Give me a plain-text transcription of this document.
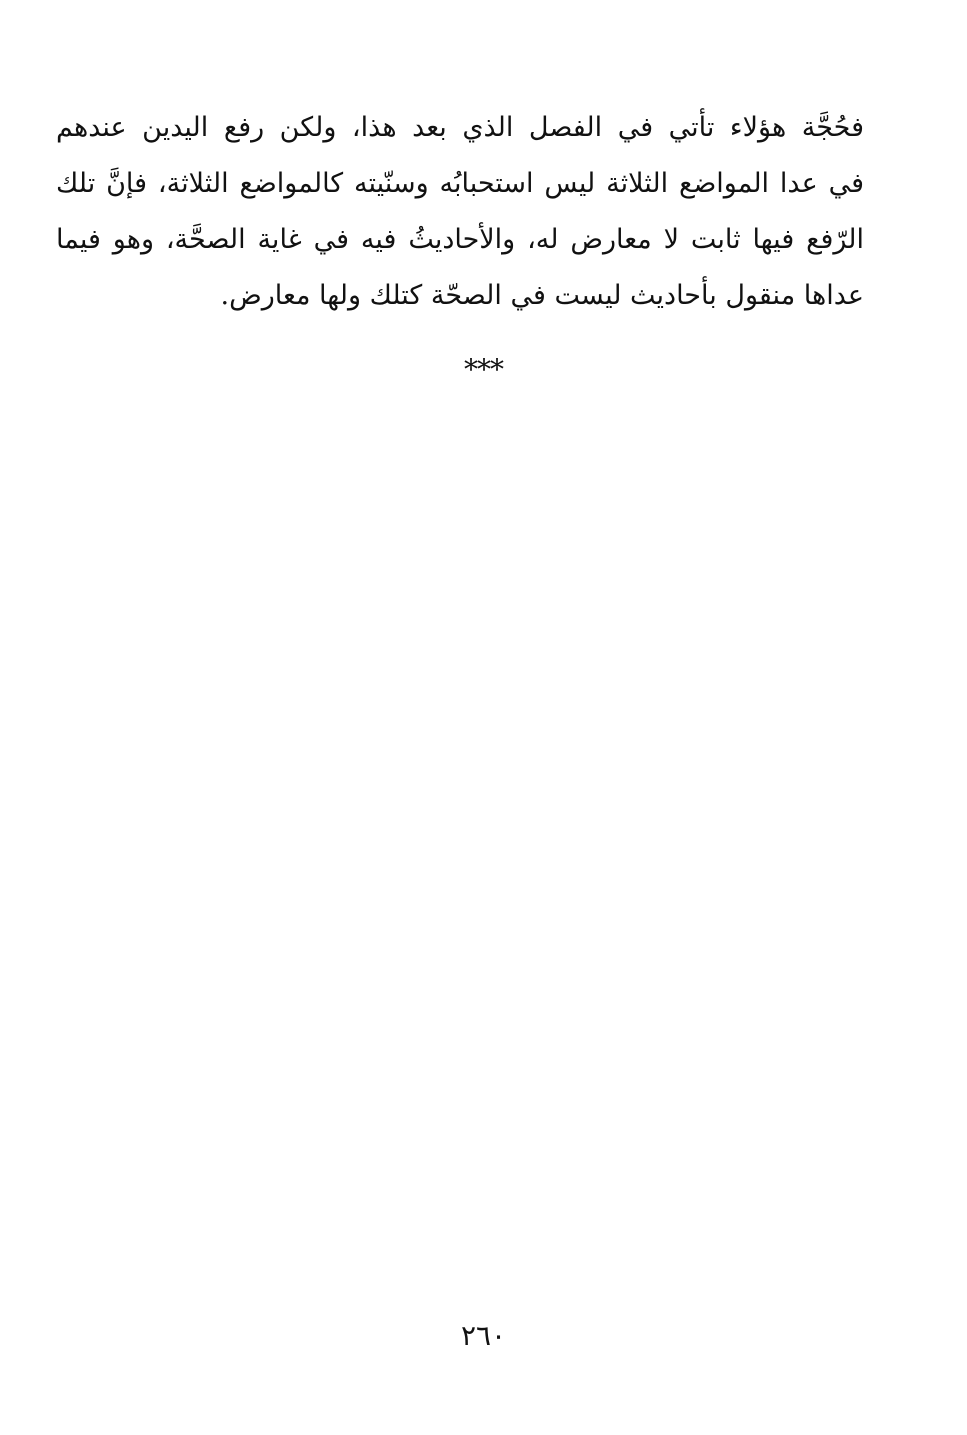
فحُجَّة هؤلاء تأتي في الفصل الذي بعد هذا، ولكن رفع اليدين عندهم
في عدا المواضع الثلاثة ليس استحبابُه وسنّيته كالمواضع الثلاثة، فإنَّ تلك
الرّفع فيها ثابت لا معارض له، والأحاديثُ فيه في غاية الصحَّة، وهو فيما
عداها منقول بأحاديث ليست في الصحّة كتلك ولها معارض.
***
٢٦٠
